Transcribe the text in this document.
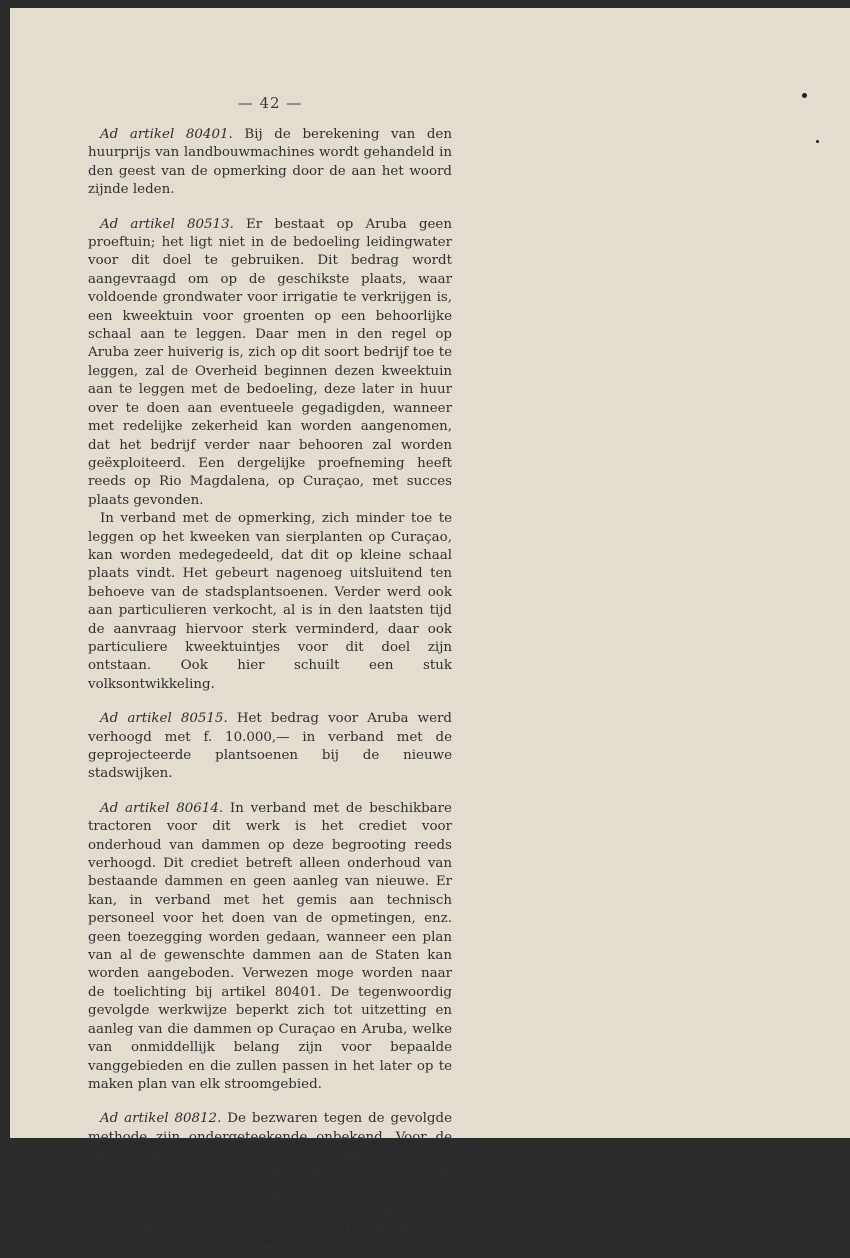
— 42 —

Ad artikel 80401. Bij de berekening van den huurprijs van landbouwmachines wordt gehandeld in den geest van de opmerking door de aan het woord zijnde leden.

Ad artikel 80513. Er bestaat op Aruba geen proeftuin; het ligt niet in de bedoeling leidingwater voor dit doel te gebruiken. Dit bedrag wordt aangevraagd om op de geschikste plaats, waar voldoende grondwater voor irrigatie te verkrijgen is, een kweektuin voor groenten op een behoorlijke schaal aan te leggen. Daar men in den regel op Aruba zeer huiverig is, zich op dit soort bedrijf toe te leggen, zal de Overheid beginnen dezen kweektuin aan te leggen met de bedoeling, deze later in huur over te doen aan eventueele gegadigden, wanneer met redelijke zekerheid kan worden aangenomen, dat het bedrijf verder naar behooren zal worden geëxploiteerd. Een dergelijke proefneming heeft reeds op Rio Magdalena, op Curaçao, met succes plaats gevonden.

In verband met de opmerking, zich minder toe te leggen op het kweeken van sierplanten op Curaçao, kan worden medegedeeld, dat dit op kleine schaal plaats vindt. Het gebeurt nagenoeg uitsluitend ten behoeve van de stadsplantsoenen. Verder werd ook aan particulieren verkocht, al is in den laatsten tijd de aanvraag hiervoor sterk verminderd, daar ook particuliere kweektuintjes voor dit doel zijn ontstaan. Ook hier schuilt een stuk volksontwikkeling.

Ad artikel 80515. Het bedrag voor Aruba werd verhoogd met f. 10.000,— in verband met de geprojecteerde plantsoenen bij de nieuwe stadswijken.

Ad artikel 80614. In verband met de beschikbare tractoren voor dit werk is het crediet voor onderhoud van dammen op deze begrooting reeds verhoogd. Dit crediet betreft alleen onderhoud van bestaande dammen en geen aanleg van nieuwe. Er kan, in verband met het gemis aan technisch personeel voor het doen van de opmetingen, enz. geen toezegging worden gedaan, wanneer een plan van al de gewenschte dammen aan de Staten kan worden aangeboden. Verwezen moge worden naar de toelichting bij artikel 80401. De tegenwoordig gevolgde werkwijze beperkt zich tot uitzetting en aanleg van die dammen op Curaçao en Aruba, welke van onmiddellijk belang zijn voor bepaalde vanggebieden en die zullen passen in het later op te maken plan van elk stroomgebied.

Ad artikel 80812. De bezwaren tegen de gevolgde methode zijn ondergeteekende onbekend. Voor de veefokkerij wordt groenvoer in voldoende hoeveelheid verbouwd en uitbreiding van den aanplant vindt nog steeds plaats in verband met de te verwachten toeneming van het aantal stuks vee. Van al de eilanden is Curaçao het waterrijkste, waar irrigatiewerken voor dergelijke doeleinden
